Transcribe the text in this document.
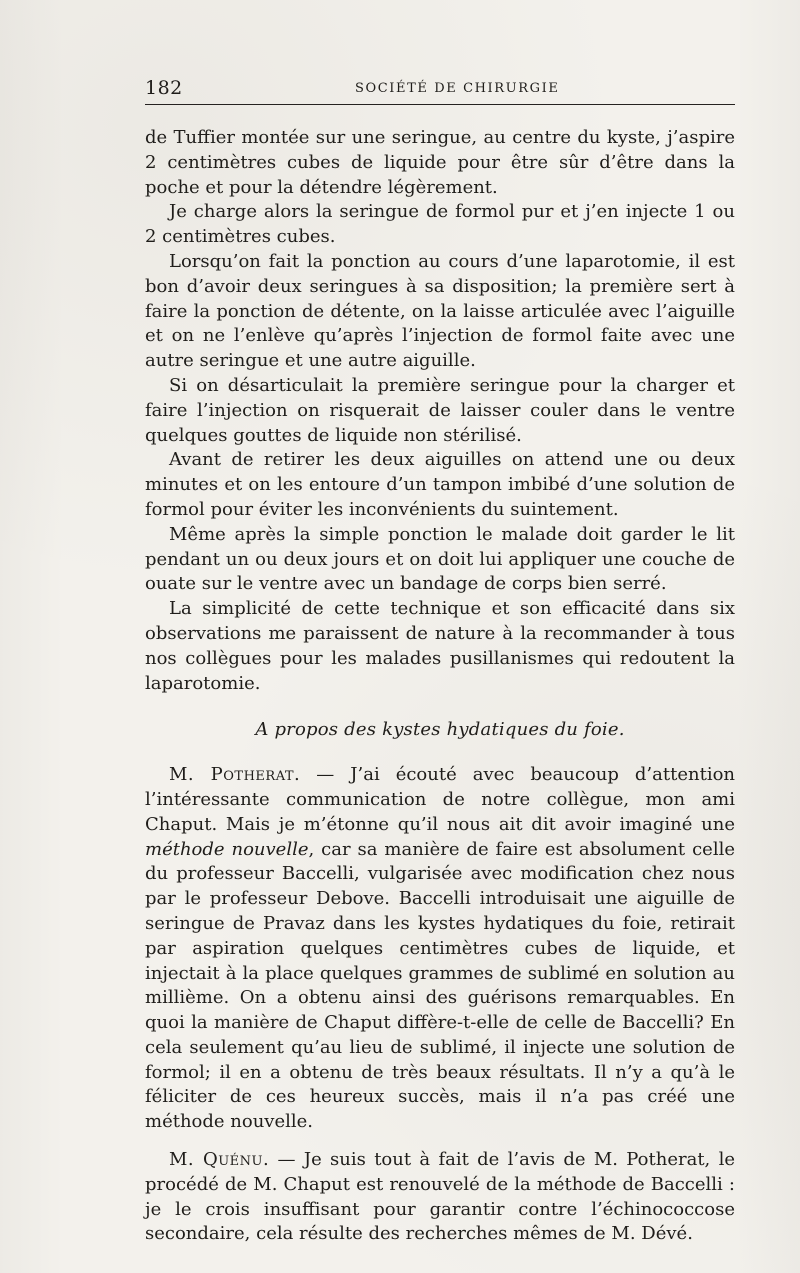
182	SOCIÉTÉ DE CHIRURGIE

de Tuffier montée sur une seringue, au centre du kyste, j’aspire 2 centimètres cubes de liquide pour être sûr d’être dans la poche et pour la détendre légèrement.

Je charge alors la seringue de formol pur et j’en injecte 1 ou 2 centimètres cubes.

Lorsqu’on fait la ponction au cours d’une laparotomie, il est bon d’avoir deux seringues à sa disposition; la première sert à faire la ponction de détente, on la laisse articulée avec l’aiguille et on ne l’enlève qu’après l’injection de formol faite avec une autre seringue et une autre aiguille.

Si on désarticulait la première seringue pour la charger et faire l’injection on risquerait de laisser couler dans le ventre quelques gouttes de liquide non stérilisé.

Avant de retirer les deux aiguilles on attend une ou deux minutes et on les entoure d’un tampon imbibé d’une solution de formol pour éviter les inconvénients du suintement.

Même après la simple ponction le malade doit garder le lit pendant un ou deux jours et on doit lui appliquer une couche de ouate sur le ventre avec un bandage de corps bien serré.

La simplicité de cette technique et son efficacité dans six observations me paraissent de nature à la recommander à tous nos collègues pour les malades pusillanismes qui redoutent la laparotomie.

A propos des kystes hydatiques du foie.

M. Potherat. — J’ai écouté avec beaucoup d’attention l’intéressante communication de notre collègue, mon ami Chaput. Mais je m’étonne qu’il nous ait dit avoir imaginé une méthode nouvelle, car sa manière de faire est absolument celle du professeur Baccelli, vulgarisée avec modification chez nous par le professeur Debove. Baccelli introduisait une aiguille de seringue de Pravaz dans les kystes hydatiques du foie, retirait par aspiration quelques centimètres cubes de liquide, et injectait à la place quelques grammes de sublimé en solution au millième. On a obtenu ainsi des guérisons remarquables. En quoi la manière de Chaput diffère-t-elle de celle de Baccelli? En cela seulement qu’au lieu de sublimé, il injecte une solution de formol; il en a obtenu de très beaux résultats. Il n’y a qu’à le féliciter de ces heureux succès, mais il n’a pas créé une méthode nouvelle.

M. Quénu. — Je suis tout à fait de l’avis de M. Potherat, le procédé de M. Chaput est renouvelé de la méthode de Baccelli : je le crois insuffisant pour garantir contre l’échinococcose secondaire, cela résulte des recherches mêmes de M. Dévé.
